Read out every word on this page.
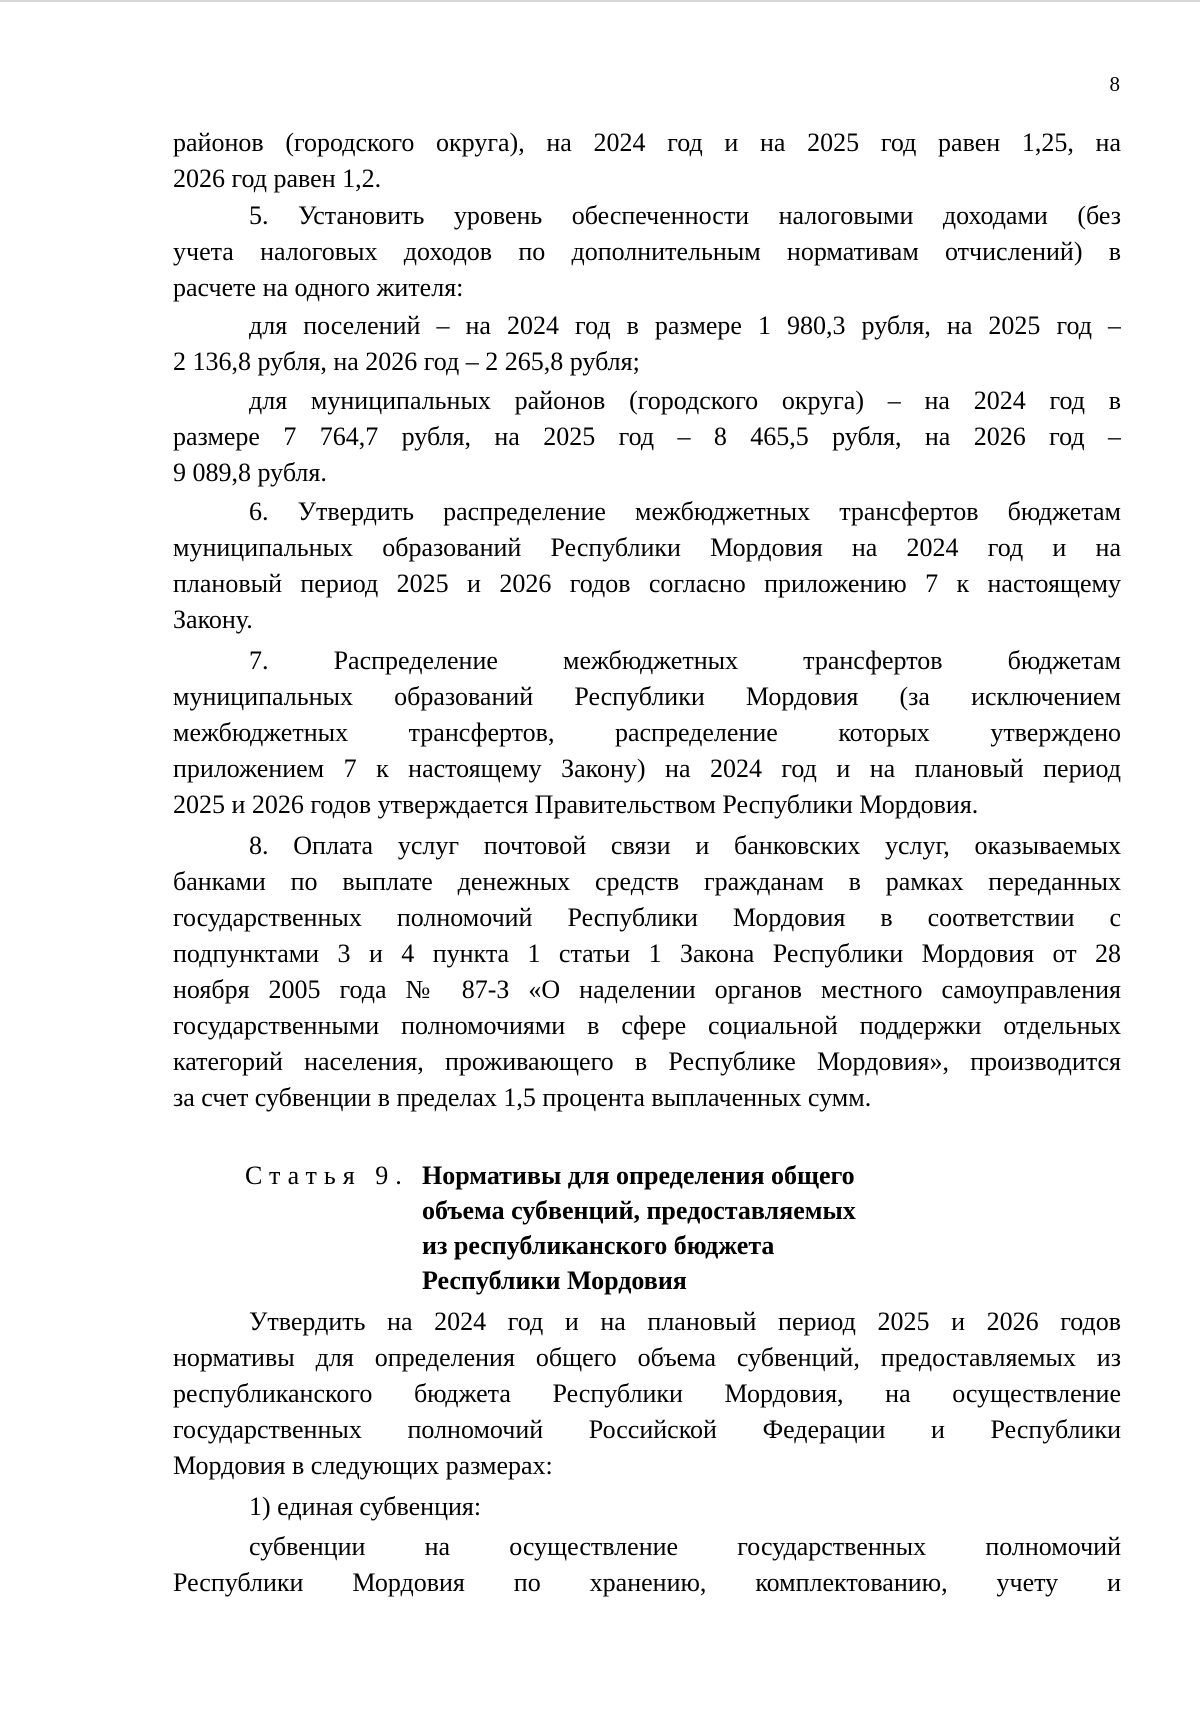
8
районов (городского округа), на 2024 год и на 2025 год равен 1,25, на
2026 год равен 1,2.
5. Установить уровень обеспеченности налоговыми доходами (без
учета налоговых доходов по дополнительным нормативам отчислений) в
расчете на одного жителя:
для поселений – на 2024 год в размере 1 980,3 рубля, на 2025 год –
2 136,8 рубля, на 2026 год – 2 265,8 рубля;
для муниципальных районов (городского округа) – на 2024 год в
размере 7 764,7 рубля, на 2025 год – 8 465,5 рубля, на 2026 год –
9 089,8 рубля.
6. Утвердить распределение межбюджетных трансфертов бюджетам
муниципальных образований Республики Мордовия на 2024 год и на
плановый период 2025 и 2026 годов согласно приложению 7 к настоящему
Закону.
7. Распределение межбюджетных трансфертов бюджетам
муниципальных образований Республики Мордовия (за исключением
межбюджетных трансфертов, распределение которых утверждено
приложением 7 к настоящему Закону) на 2024 год и на плановый период
2025 и 2026 годов утверждается Правительством Республики Мордовия.
8. Оплата услуг почтовой связи и банковских услуг, оказываемых
банками по выплате денежных средств гражданам в рамках переданных
государственных полномочий Республики Мордовия в соответствии с
подпунктами 3 и 4 пункта 1 статьи 1 Закона Республики Мордовия от 28
ноября 2005 года № 87-З «О наделении органов местного самоуправления
государственными полномочиями в сфере социальной поддержки отдельных
категорий населения, проживающего в Республике Мордовия», производится
за счет субвенции в пределах 1,5 процента выплаченных сумм.
Статья 9. Нормативы для определения общего
объема субвенций, предоставляемых
из республиканского бюджета
Республики Мордовия
Утвердить на 2024 год и на плановый период 2025 и 2026 годов
нормативы для определения общего объема субвенций, предоставляемых из
республиканского бюджета Республики Мордовия, на осуществление
государственных полномочий Российской Федерации и Республики
Мордовия в следующих размерах:
1) единая субвенция:
субвенции на осуществление государственных полномочий
Республики Мордовия по хранению, комплектованию, учету и
